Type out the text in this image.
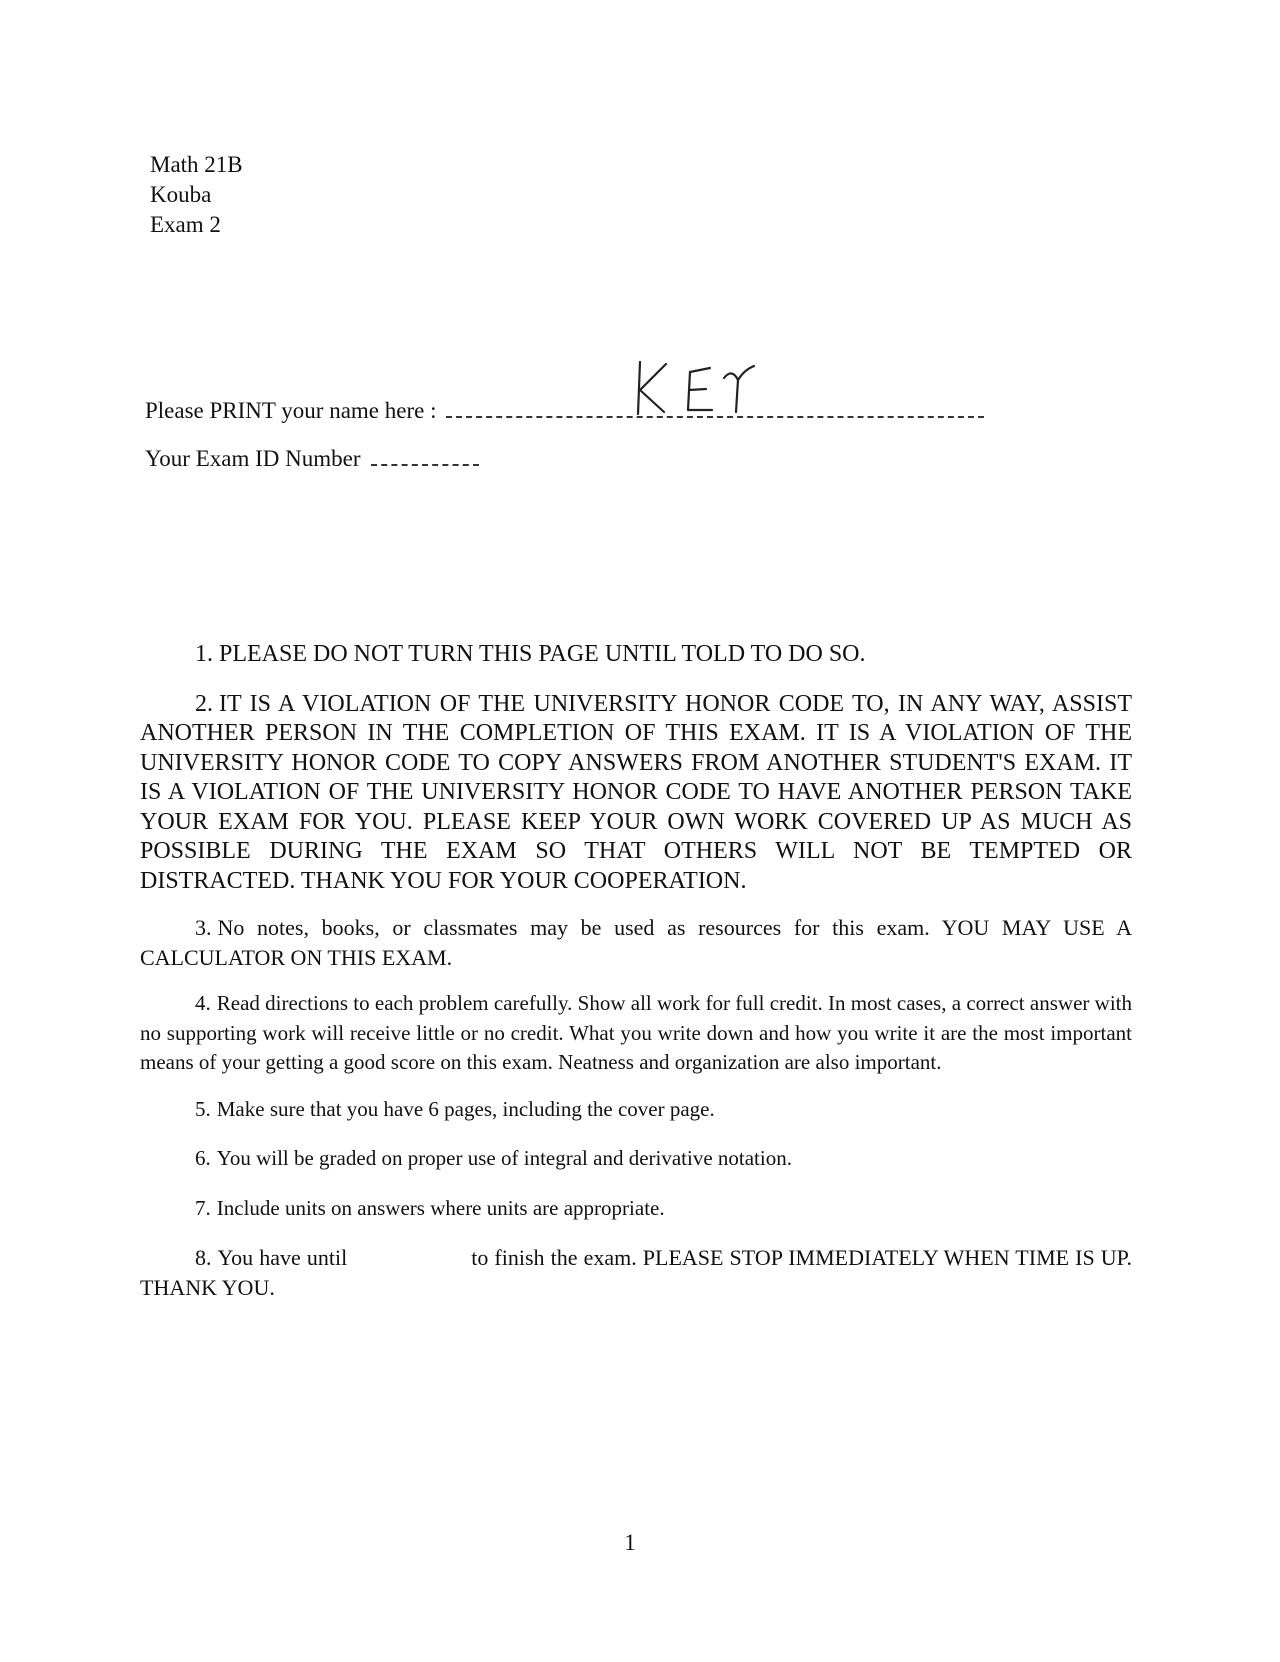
Math 21B
Kouba
Exam 2
Please PRINT your name here :
Your Exam ID Number

1. PLEASE DO NOT TURN THIS PAGE UNTIL TOLD TO DO SO.

2. IT IS A VIOLATION OF THE UNIVERSITY HONOR CODE TO, IN ANY WAY, ASSIST ANOTHER PERSON IN THE COMPLETION OF THIS EXAM. IT IS A VIOLATION OF THE UNIVERSITY HONOR CODE TO COPY ANSWERS FROM ANOTHER STUDENT'S EXAM. IT IS A VIOLATION OF THE UNIVERSITY HONOR CODE TO HAVE ANOTHER PERSON TAKE YOUR EXAM FOR YOU. PLEASE KEEP YOUR OWN WORK COVERED UP AS MUCH AS POSSIBLE DURING THE EXAM SO THAT OTHERS WILL NOT BE TEMPTED OR DISTRACTED. THANK YOU FOR YOUR COOPERATION.

3. No notes, books, or classmates may be used as resources for this exam. YOU MAY USE A CALCULATOR ON THIS EXAM.

4. Read directions to each problem carefully. Show all work for full credit. In most cases, a correct answer with no supporting work will receive little or no credit. What you write down and how you write it are the most important means of your getting a good score on this exam. Neatness and organization are also important.

5. Make sure that you have 6 pages, including the cover page.

6. You will be graded on proper use of integral and derivative notation.

7. Include units on answers where units are appropriate.

8. You have until	to finish the exam. PLEASE STOP IMMEDIATELY WHEN TIME IS UP. THANK YOU.

1
